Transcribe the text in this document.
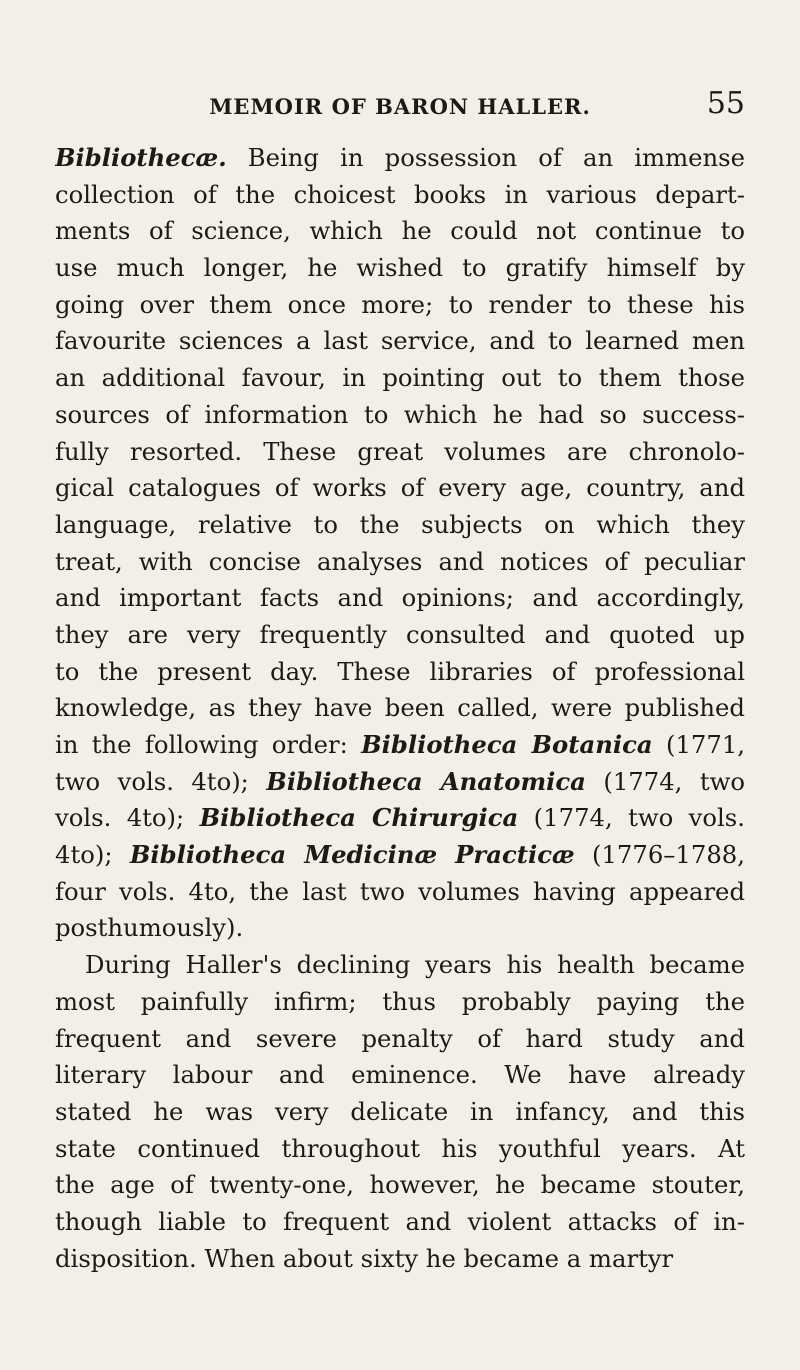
MEMOIR OF BARON HALLER.	55
Bibliothecæ. Being in possession of an immense
collection of the choicest books in various depart-
ments of science, which he could not continue to
use much longer, he wished to gratify himself by
going over them once more; to render to these his
favourite sciences a last service, and to learned men
an additional favour, in pointing out to them those
sources of information to which he had so success-
fully resorted. These great volumes are chronolo-
gical catalogues of works of every age, country, and
language, relative to the subjects on which they
treat, with concise analyses and notices of peculiar
and important facts and opinions; and accordingly,
they are very frequently consulted and quoted up
to the present day. These libraries of professional
knowledge, as they have been called, were published
in the following order: Bibliotheca Botanica (1771,
two vols. 4to); Bibliotheca Anatomica (1774, two
vols. 4to); Bibliotheca Chirurgica (1774, two vols.
4to); Bibliotheca Medicinæ Practicæ (1776–1788,
four vols. 4to, the last two volumes having appeared
posthumously).
During Haller's declining years his health became
most painfully infirm; thus probably paying the
frequent and severe penalty of hard study and
literary labour and eminence. We have already
stated he was very delicate in infancy, and this
state continued throughout his youthful years. At
the age of twenty-one, however, he became stouter,
though liable to frequent and violent attacks of in-
disposition. When about sixty he became a martyr
